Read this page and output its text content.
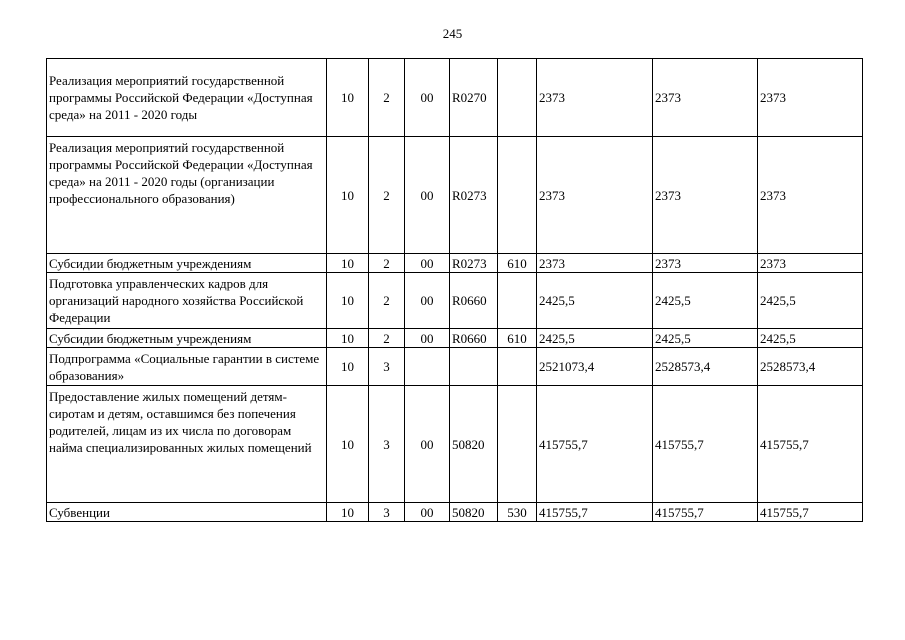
245
Реализация мероприятий государственной программы Российской Федерации «Доступная среда» на 2011 - 2020 годы	10	2	00	R0270		2373	2373	2373
Реализация мероприятий государственной программы Российской Федерации «Доступная среда» на 2011 - 2020 годы (организации профессионального образования)	10	2	00	R0273		2373	2373	2373
Субсидии бюджетным учреждениям	10	2	00	R0273	610	2373	2373	2373
Подготовка управленческих кадров для организаций народного хозяйства Российской Федерации	10	2	00	R0660		2425,5	2425,5	2425,5
Субсидии бюджетным учреждениям	10	2	00	R0660	610	2425,5	2425,5	2425,5
Подпрограмма «Социальные гарантии в системе образования»	10	3				2521073,4	2528573,4	2528573,4
Предоставление жилых помещений детям-сиротам и детям, оставшимся без попечения родителей, лицам из их числа по договорам найма специализированных жилых помещений	10	3	00	50820		415755,7	415755,7	415755,7
Субвенции	10	3	00	50820	530	415755,7	415755,7	415755,7
